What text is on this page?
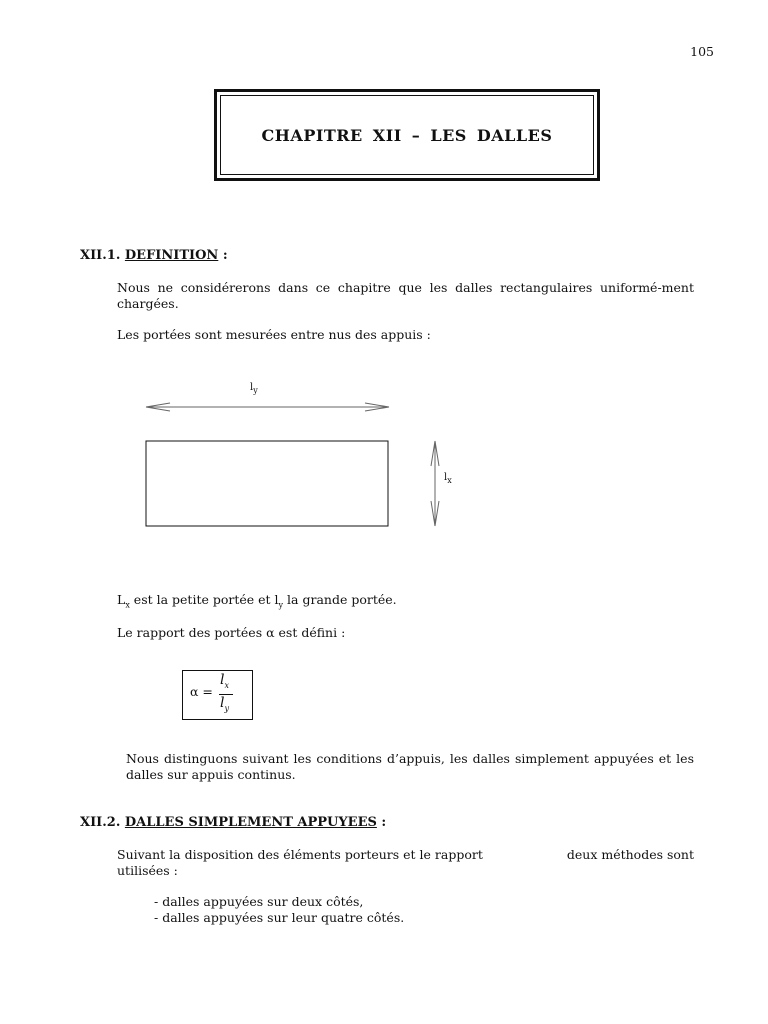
105
CHAPITRE XII – LES DALLES
XII.1. DEFINITION :
Nous ne considérerons dans ce chapitre que les dalles rectangulaires uniformé-ment chargées.
Les portées sont mesurées entre nus des appuis :
$l_y$
$l_x$
$L_x$ est la petite portée et $l_y$ la grande portée.
Le rapport des portées α est défini :
α =
$l_x$
$l_y$
Nous distinguons suivant les conditions d’appuis, les dalles simplement appuyées et les dalles sur appuis continus.
XII.2. DALLES SIMPLEMENT APPUYEES :
Suivant la disposition des éléments porteurs et le rapport	deux méthodes sont
utilisées :
- dalles appuyées sur deux côtés,
- dalles appuyées sur leur quatre côtés.
